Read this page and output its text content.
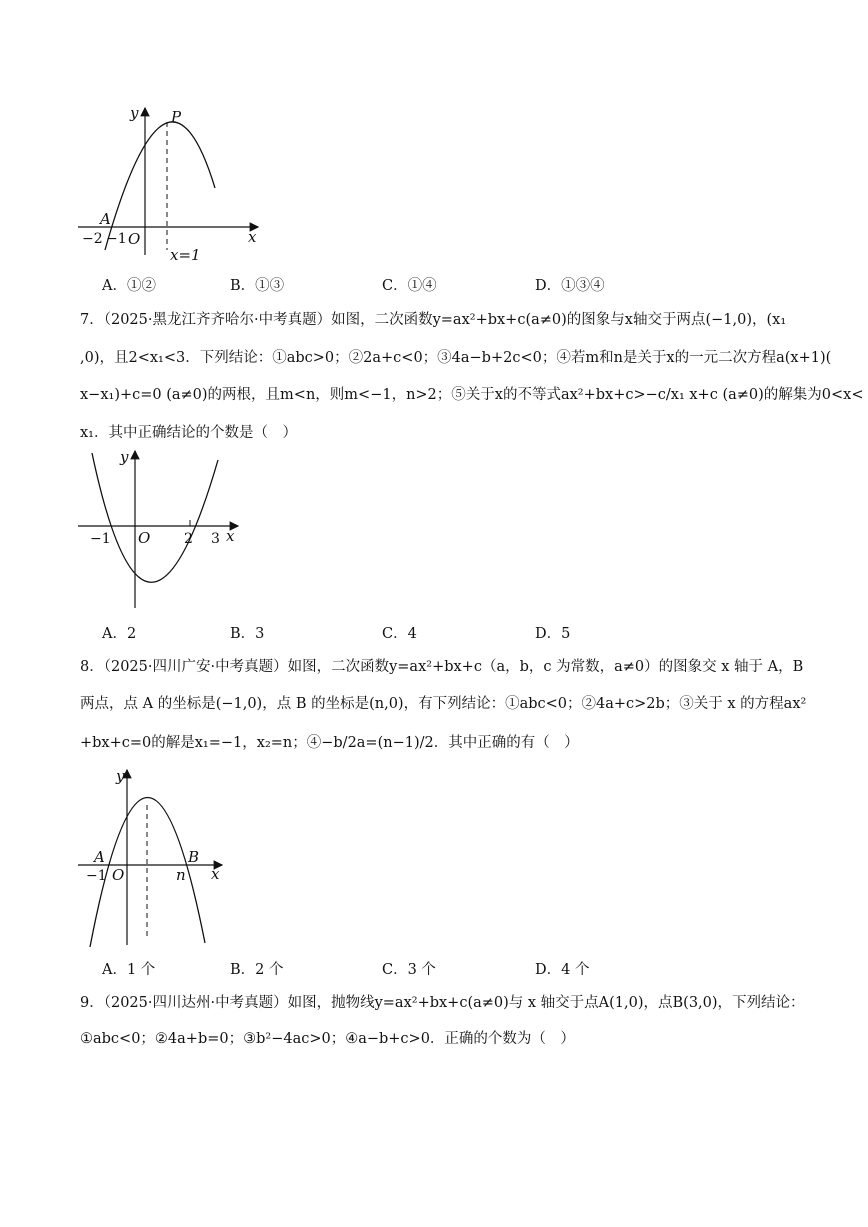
y
x
P
A
O
−2 −1
x=1
A．①②	B．①③	C．①④	D．①③④
7．（2025·黑龙江齐齐哈尔·中考真题）如图，二次函数y=ax²+bx+c(a≠0)的图象与x轴交于两点(−1,0)，(x₁
,0)，且2<x₁<3．下列结论：①abc>0；②2a+c<0；③4a−b+2c<0；④若m和n是关于x的一元二次方程a(x+1)(
x−x₁)+c=0 (a≠0)的两根，且m<n，则m<−1，n>2；⑤关于x的不等式ax²+bx+c>−c/x₁ x+c (a≠0)的解集为0<x<
x₁．其中正确结论的个数是（　）
y
x
O
−1	2 3
A．2	B．3	C．4	D．5
8．（2025·四川广安·中考真题）如图，二次函数y=ax²+bx+c（a，b，c 为常数，a≠0）的图象交 x 轴于 A，B
两点，点 A 的坐标是(−1,0)，点 B 的坐标是(n,0)，有下列结论：①abc<0；②4a+c>2b；③关于 x 的方程ax²
+bx+c=0的解是x₁=−1，x₂=n；④−b/2a=(n−1)/2．其中正确的有（　）
y
x
O
A	B
−1	n
A．1 个	B．2 个	C．3 个	D．4 个
9．（2025·四川达州·中考真题）如图，抛物线y=ax²+bx+c(a≠0)与 x 轴交于点A(1,0)，点B(3,0)，下列结论：
①abc<0；②4a+b=0；③b²−4ac>0；④a−b+c>0．正确的个数为（　）
